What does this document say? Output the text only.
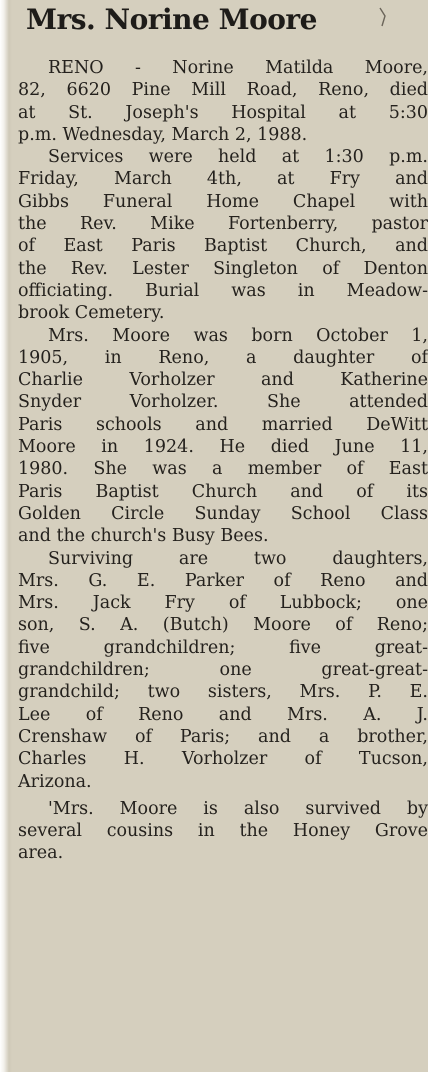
Mrs. Norine Moore
RENO - Norine Matilda Moore,
82, 6620 Pine Mill Road, Reno, died
at St. Joseph's Hospital at 5:30
p.m. Wednesday, March 2, 1988.
Services were held at 1:30 p.m.
Friday, March 4th, at Fry and
Gibbs Funeral Home Chapel with
the Rev. Mike Fortenberry, pastor
of East Paris Baptist Church, and
the Rev. Lester Singleton of Denton
officiating. Burial was in Meadow-
brook Cemetery.
Mrs. Moore was born October 1,
1905, in Reno, a daughter of
Charlie Vorholzer and Katherine
Snyder Vorholzer. She attended
Paris schools and married DeWitt
Moore in 1924. He died June 11,
1980. She was a member of East
Paris Baptist Church and of its
Golden Circle Sunday School Class
and the church's Busy Bees.
Surviving are two daughters,
Mrs. G. E. Parker of Reno and
Mrs. Jack Fry of Lubbock; one
son, S. A. (Butch) Moore of Reno;
five grandchildren; five great-
grandchildren; one great-great-
grandchild; two sisters, Mrs. P. E.
Lee of Reno and Mrs. A. J.
Crenshaw of Paris; and a brother,
Charles H. Vorholzer of Tucson,
Arizona.
'Mrs. Moore is also survived by
several cousins in the Honey Grove
area.
